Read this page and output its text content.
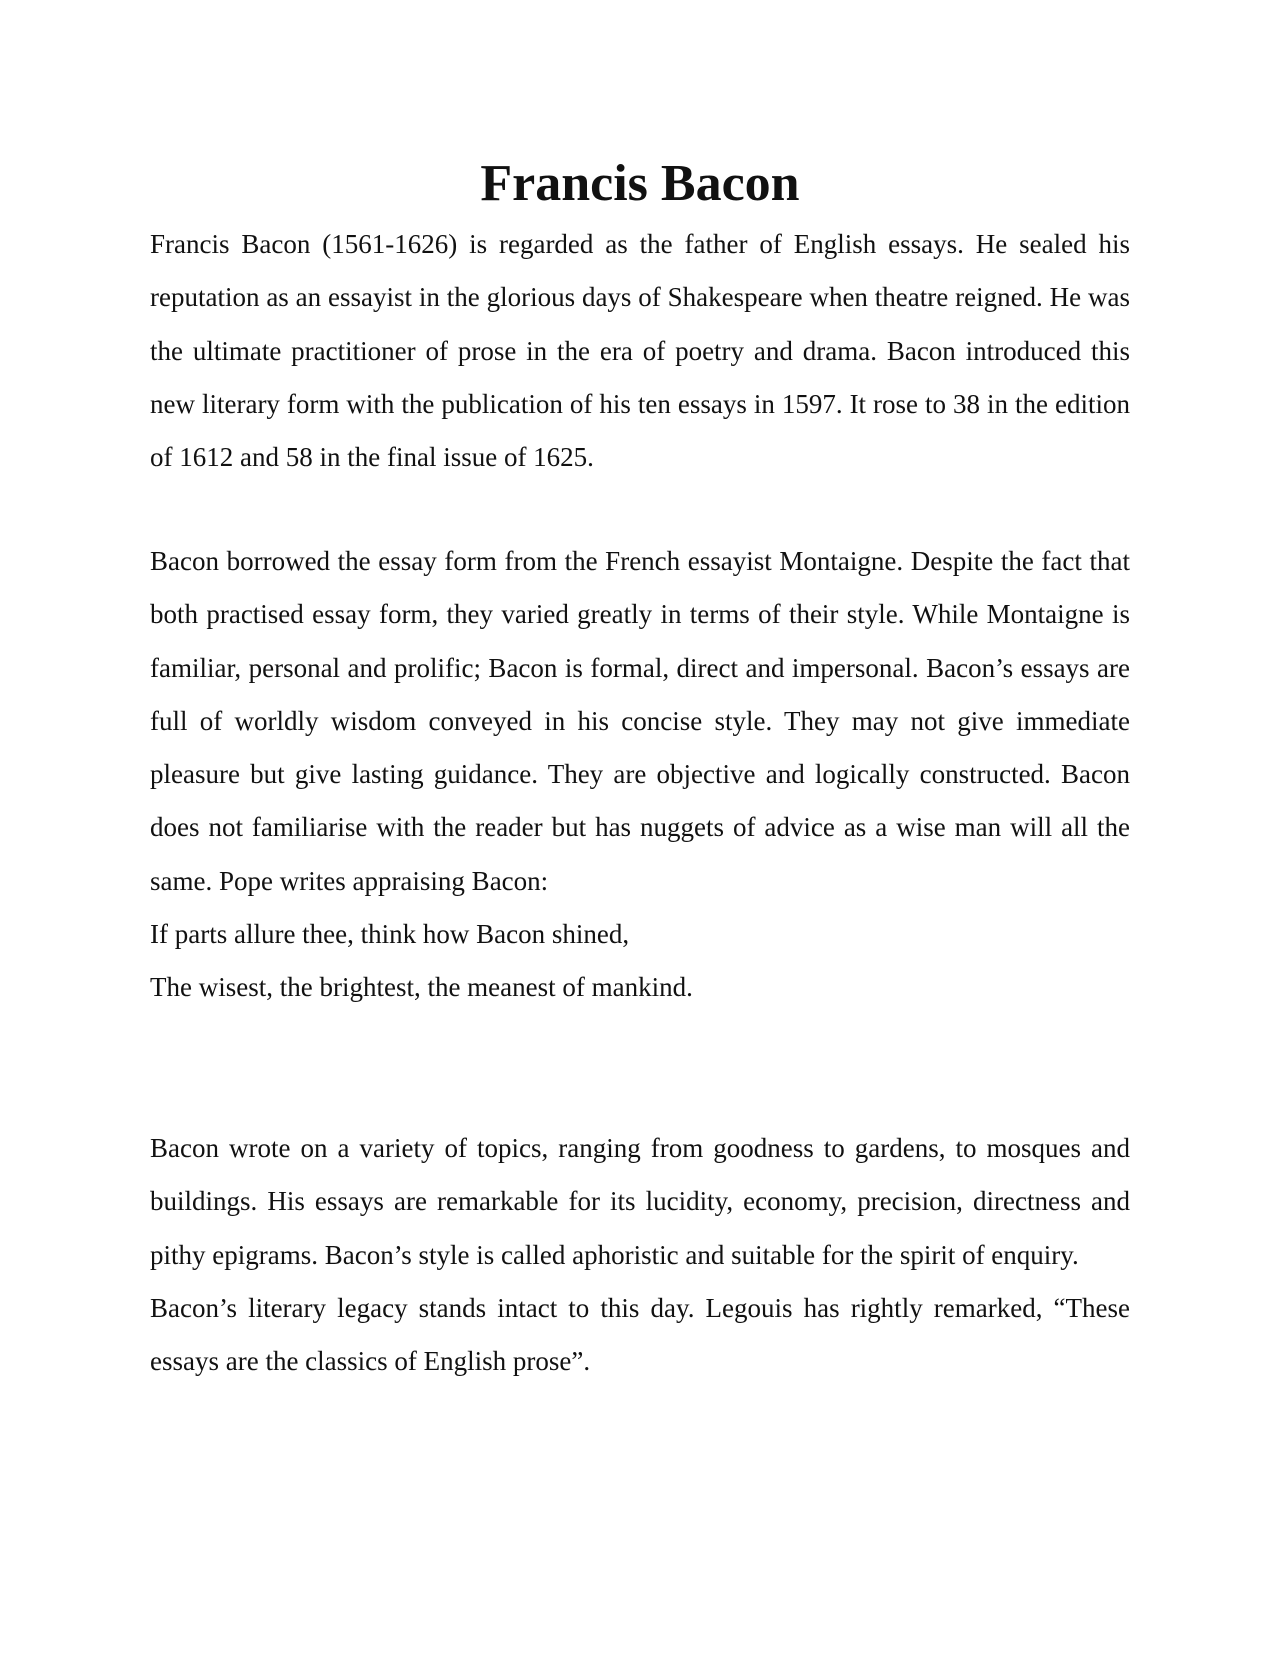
Francis Bacon

Francis Bacon (1561-1626) is regarded as the father of English essays. He sealed his reputation as an essayist in the glorious days of Shakespeare when theatre reigned. He was the ultimate practitioner of prose in the era of poetry and drama. Bacon introduced this new literary form with the publication of his ten essays in 1597. It rose to 38 in the edition of 1612 and 58 in the final issue of 1625.

Bacon borrowed the essay form from the French essayist Montaigne. Despite the fact that both practised essay form, they varied greatly in terms of their style. While Montaigne is familiar, personal and prolific; Bacon is formal, direct and impersonal. Bacon’s essays are full of worldly wisdom conveyed in his concise style. They may not give immediate pleasure but give lasting guidance. They are objective and logically constructed. Bacon does not familiarise with the reader but has nuggets of advice as a wise man will all the same. Pope writes appraising Bacon:

If parts allure thee, think how Bacon shined,

The wisest, the brightest, the meanest of mankind.

Bacon wrote on a variety of topics, ranging from goodness to gardens, to mosques and buildings. His essays are remarkable for its lucidity, economy, precision, directness and pithy epigrams. Bacon’s style is called aphoristic and suitable for the spirit of enquiry.

Bacon’s literary legacy stands intact to this day. Legouis has rightly remarked, “These essays are the classics of English prose”.
